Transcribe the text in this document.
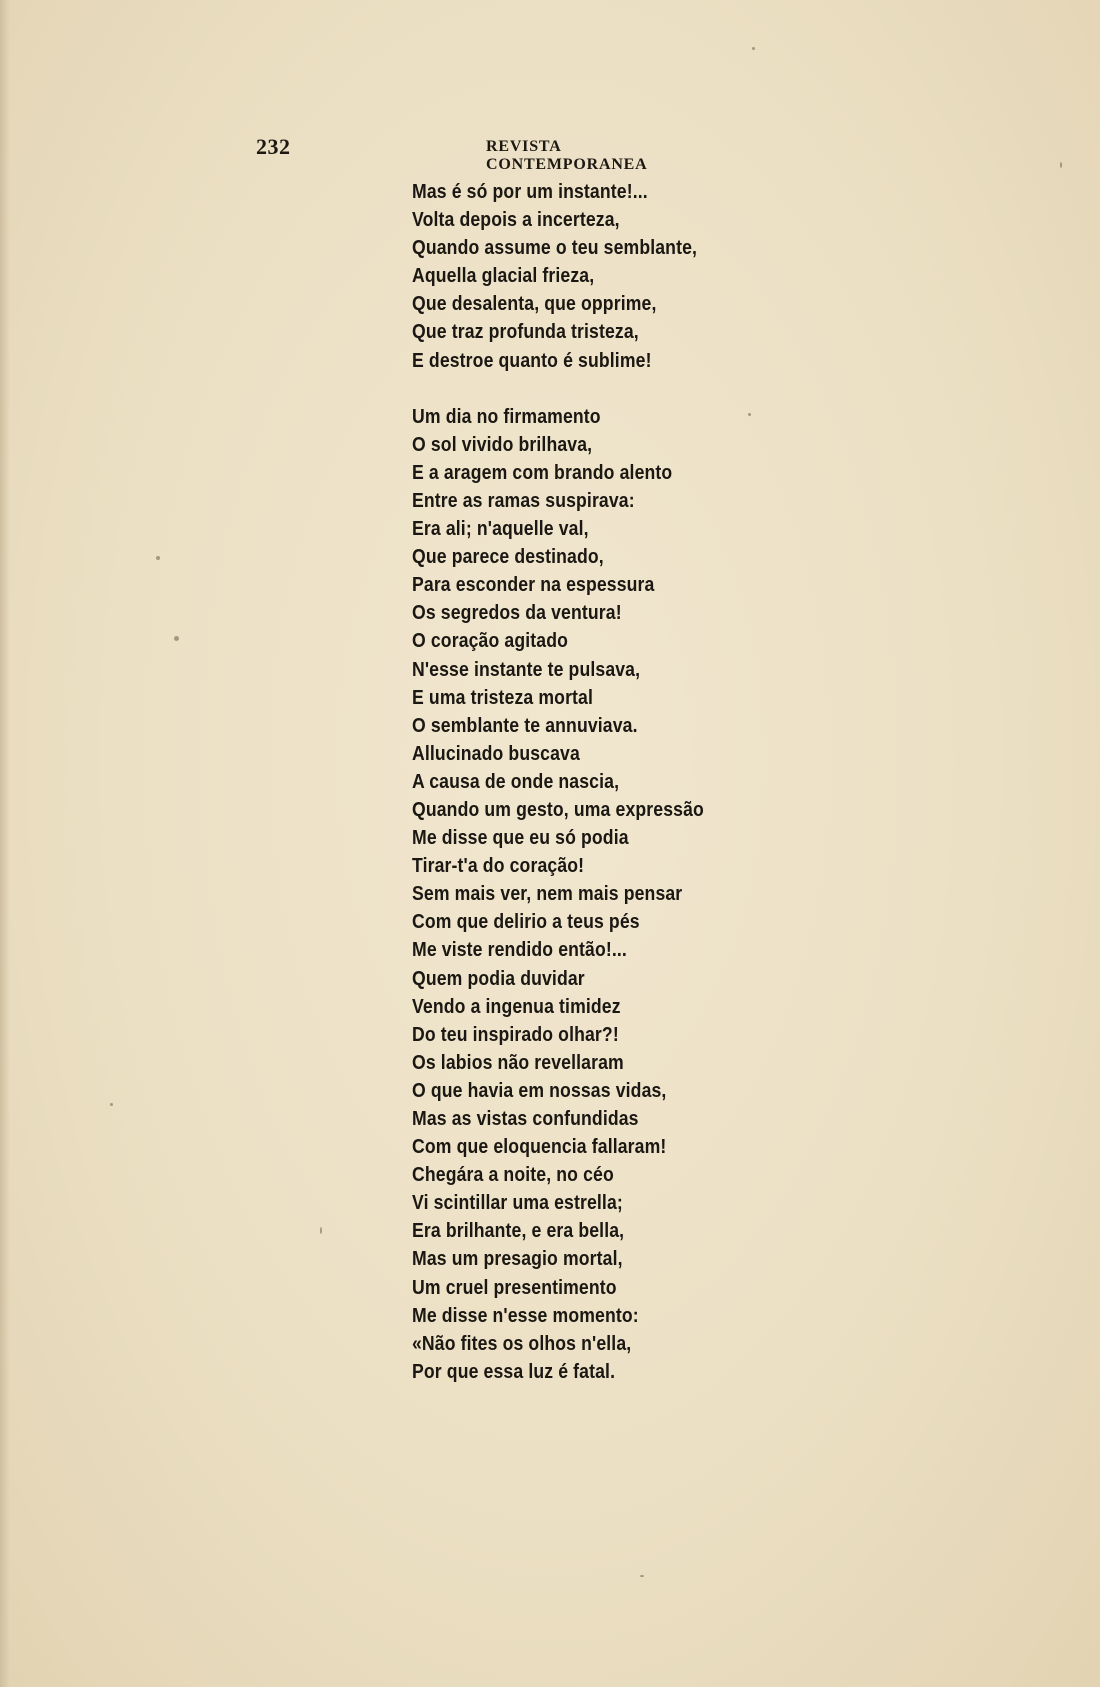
232	REVISTA CONTEMPORANEA
Mas é só por um instante!...
Volta depois a incerteza,
Quando assume o teu semblante,
Aquella glacial frieza,
Que desalenta, que opprime,
Que traz profunda tristeza,
E destroe quanto é sublime!
Um dia no firmamento
O sol vivido brilhava,
E a aragem com brando alento
Entre as ramas suspirava:
Era ali; n'aquelle val,
Que parece destinado,
Para esconder na espessura
Os segredos da ventura!
O coração agitado
N'esse instante te pulsava,
E uma tristeza mortal
O semblante te annuviava.
Allucinado buscava
A causa de onde nascia,
Quando um gesto, uma expressão
Me disse que eu só podia
Tirar-t'a do coração!
Sem mais ver, nem mais pensar
Com que delirio a teus pés
Me viste rendido então!...
Quem podia duvidar
Vendo a ingenua timidez
Do teu inspirado olhar?!
Os labios não revellaram
O que havia em nossas vidas,
Mas as vistas confundidas
Com que eloquencia fallaram!
Chegára a noite, no céo
Vi scintillar uma estrella;
Era brilhante, e era bella,
Mas um presagio mortal,
Um cruel presentimento
Me disse n'esse momento:
«Não fites os olhos n'ella,
Por que essa luz é fatal.
